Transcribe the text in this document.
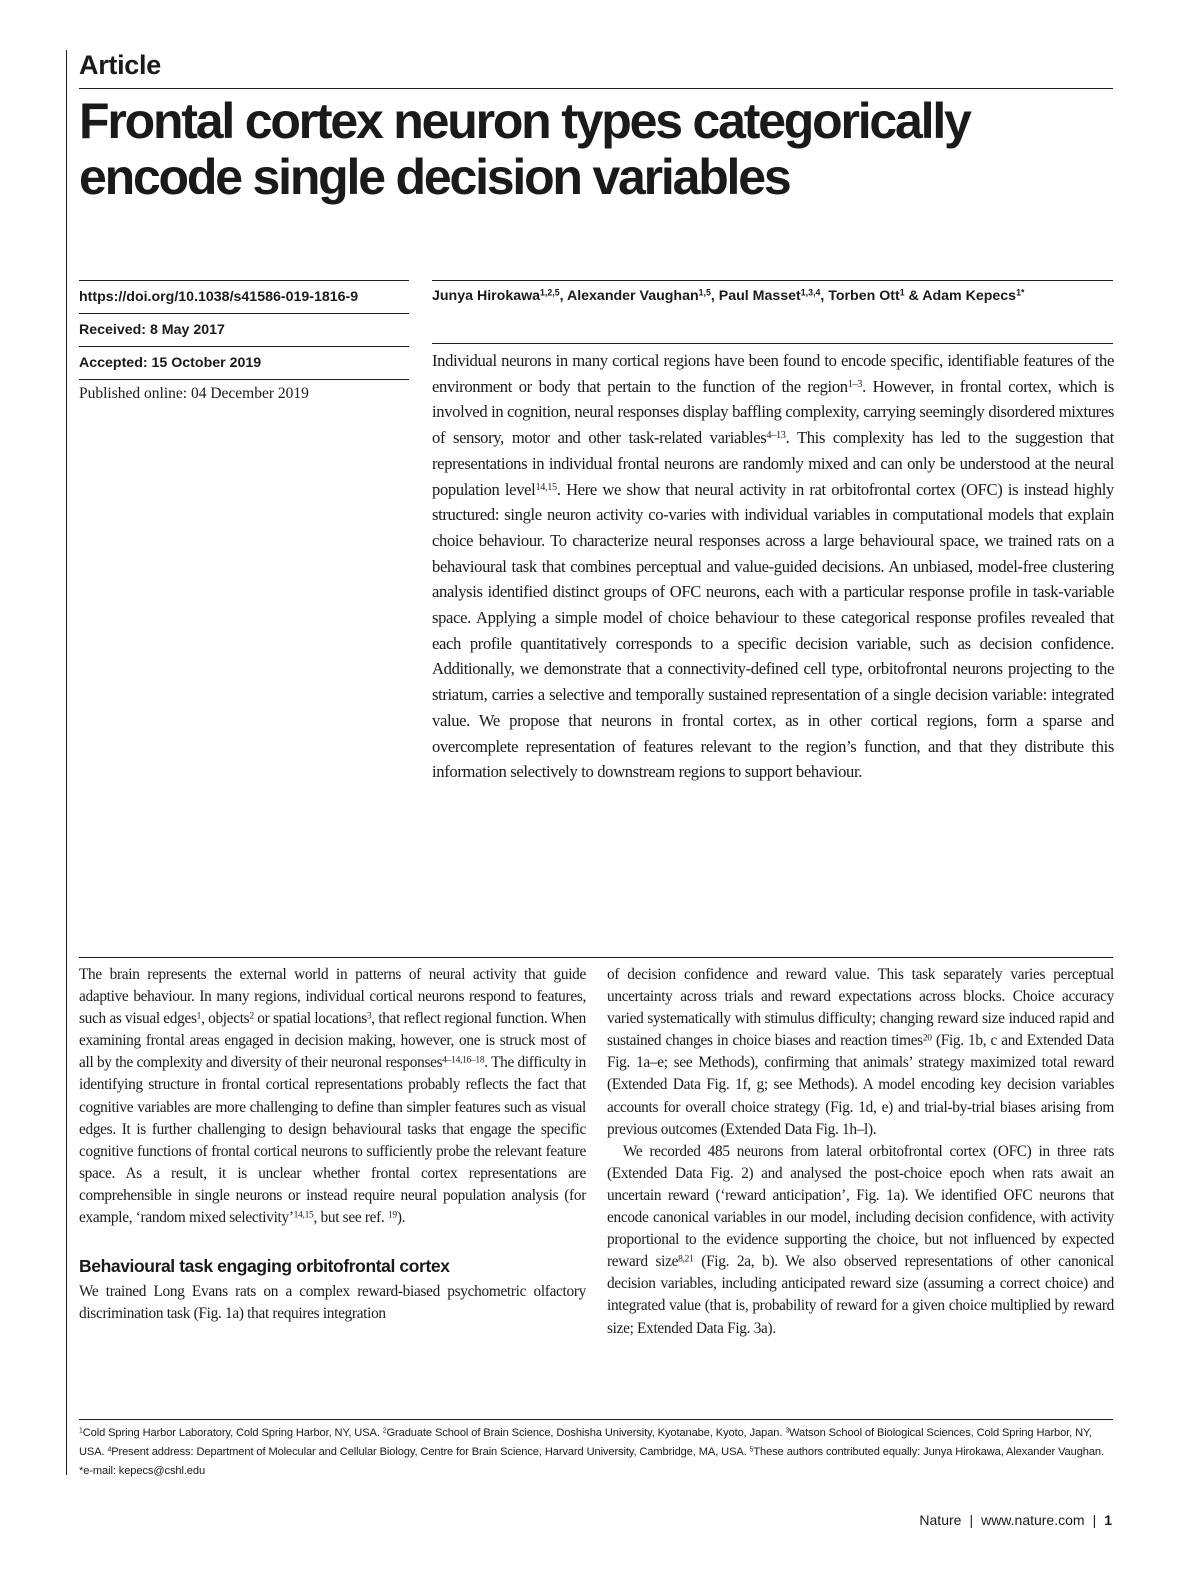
Article
Frontal cortex neuron types categorically
encode single decision variables
https://doi.org/10.1038/s41586-019-1816-9
Received: 8 May 2017
Accepted: 15 October 2019
Published online: 04 December 2019
Junya Hirokawa$^{1,2,5}$, Alexander Vaughan$^{1,5}$, Paul Masset$^{1,3,4}$, Torben Ott$^1$ & Adam Kepecs$^{1*}$

Individual neurons in many cortical regions have been found to encode specific, identifiable features of the environment or body that pertain to the function of the region$^{1-3}$. However, in frontal cortex, which is involved in cognition, neural responses display baffling complexity, carrying seemingly disordered mixtures of sensory, motor and other task-related variables$^{4-13}$. This complexity has led to the suggestion that representations in individual frontal neurons are randomly mixed and can only be understood at the neural population level$^{14,15}$. Here we show that neural activity in rat orbitofrontal cortex (OFC) is instead highly structured: single neuron activity co-varies with individual variables in computational models that explain choice behaviour. To characterize neural responses across a large behavioural space, we trained rats on a behavioural task that combines perceptual and value-guided decisions. An unbiased, model-free clustering analysis identified distinct groups of OFC neurons, each with a particular response profile in task-variable space. Applying a simple model of choice behaviour to these categorical response profiles revealed that each profile quantitatively corresponds to a specific decision variable, such as decision confidence. Additionally, we demonstrate that a connectivity-defined cell type, orbitofrontal neurons projecting to the striatum, carries a selective and temporally sustained representation of a single decision variable: integrated value. We propose that neurons in frontal cortex, as in other cortical regions, form a sparse and overcomplete representation of features relevant to the region’s function, and that they distribute this information selectively to downstream regions to support behaviour.

The brain represents the external world in patterns of neural activity that guide adaptive behaviour. In many regions, individual cortical neurons respond to features, such as visual edges$^1$, objects$^2$ or spatial locations$^3$, that reflect regional function. When examining frontal areas engaged in decision making, however, one is struck most of all by the complexity and diversity of their neuronal responses$^{4-14,16-18}$. The difficulty in identifying structure in frontal cortical representations probably reflects the fact that cognitive variables are more challenging to define than simpler features such as visual edges. It is further challenging to design behavioural tasks that engage the specific cognitive functions of frontal cortical neurons to sufficiently probe the relevant feature space. As a result, it is unclear whether frontal cortex representations are comprehensible in single neurons or instead require neural population analysis (for example, ‘random mixed selectivity’$^{14,15}$, but see ref. $^{19}$).

Behavioural task engaging orbitofrontal cortex

We trained Long Evans rats on a complex reward-biased psychometric olfactory discrimination task (Fig. 1a) that requires integration

of decision confidence and reward value. This task separately varies perceptual uncertainty across trials and reward expectations across blocks. Choice accuracy varied systematically with stimulus difficulty; changing reward size induced rapid and sustained changes in choice biases and reaction times$^{20}$ (Fig. 1b, c and Extended Data Fig. 1a–e; see Methods), confirming that animals’ strategy maximized total reward (Extended Data Fig. 1f, g; see Methods). A model encoding key decision variables accounts for overall choice strategy (Fig. 1d, e) and trial-by-trial biases arising from previous outcomes (Extended Data Fig. 1h–l).

We recorded 485 neurons from lateral orbitofrontal cortex (OFC) in three rats (Extended Data Fig. 2) and analysed the post-choice epoch when rats await an uncertain reward (‘reward anticipation’, Fig. 1a). We identified OFC neurons that encode canonical variables in our model, including decision confidence, with activity proportional to the evidence supporting the choice, but not influenced by expected reward size$^{8,21}$ (Fig. 2a, b). We also observed representations of other canonical decision variables, including anticipated reward size (assuming a correct choice) and integrated value (that is, probability of reward for a given choice multiplied by reward size; Extended Data Fig. 3a).

$^1$Cold Spring Harbor Laboratory, Cold Spring Harbor, NY, USA. $^2$Graduate School of Brain Science, Doshisha University, Kyotanabe, Kyoto, Japan. $^3$Watson School of Biological Sciences, Cold Spring Harbor, NY, USA. $^4$Present address: Department of Molecular and Cellular Biology, Centre for Brain Science, Harvard University, Cambridge, MA, USA. $^5$These authors contributed equally: Junya Hirokawa, Alexander Vaughan. *e-mail: kepecs@cshl.edu

Nature | www.nature.com | 1
